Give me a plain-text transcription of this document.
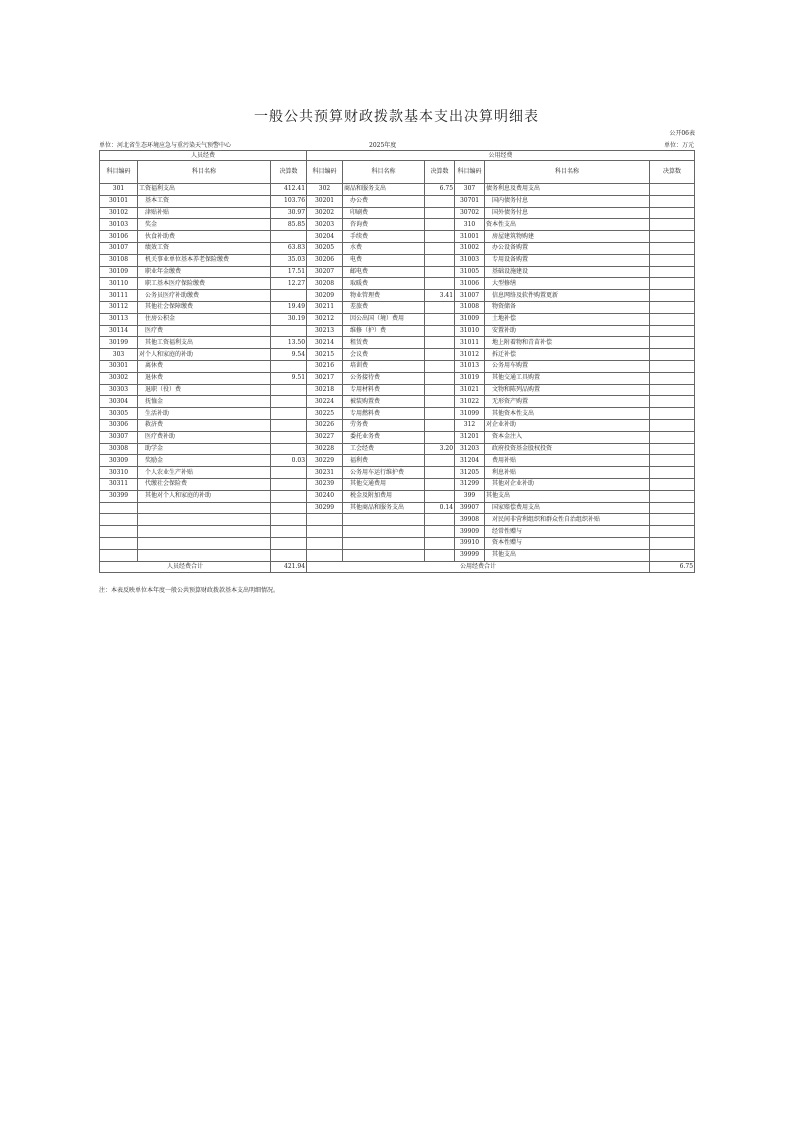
一般公共预算财政拨款基本支出决算明细表
公开06表
单位：河北省生态环境应急与重污染天气预警中心	2025年度	单位：万元
人员经费			公用经费					
科目编码	科目名称	决算数	科目编码	科目名称	决算数	科目编码	科目名称	决算数
301	工资福利支出	412.41	302	商品和服务支出	6.75	307	债务利息及费用支出	
30101	基本工资	103.76	30201	办公费		30701	国内债务付息	
30102	津贴补贴	30.97	30202	印刷费		30702	国外债务付息	
30103	奖金	85.85	30203	咨询费		310	资本性支出	
30106	伙食补助费		30204	手续费		31001	房屋建筑物购建	
30107	绩效工资	63.83	30205	水费		31002	办公设备购置	
30108	机关事业单位基本养老保险缴费	35.03	30206	电费		31003	专用设备购置	
30109	职业年金缴费	17.51	30207	邮电费		31005	基础设施建设	
30110	职工基本医疗保险缴费	12.27	30208	取暖费		31006	大型修缮	
30111	公务员医疗补助缴费		30209	物业管理费	3.41	31007	信息网络及软件购置更新	
30112	其他社会保障缴费	19.49	30211	差旅费		31008	物资储备	
30113	住房公积金	30.19	30212	因公出国（境）费用		31009	土地补偿	
30114	医疗费		30213	维修（护）费		31010	安置补助	
30199	其他工资福利支出	13.50	30214	租赁费		31011	地上附着物和青苗补偿	
303	对个人和家庭的补助	9.54	30215	会议费		31012	拆迁补偿	
30301	离休费		30216	培训费		31013	公务用车购置	
30302	退休费	9.51	30217	公务接待费		31019	其他交通工具购置	
30303	退职（役）费		30218	专用材料费		31021	文物和陈列品购置	
30304	抚恤金		30224	被装购置费		31022	无形资产购置	
30305	生活补助		30225	专用燃料费		31099	其他资本性支出	
30306	救济费		30226	劳务费		312	对企业补助	
30307	医疗费补助		30227	委托业务费		31201	资本金注入	
30308	助学金		30228	工会经费	3.20	31203	政府投资基金股权投资	
30309	奖励金	0.03	30229	福利费		31204	费用补贴	
30310	个人农业生产补贴		30231	公务用车运行维护费		31205	利息补贴	
30311	代缴社会保险费		30239	其他交通费用		31299	其他对企业补助	
30399	其他对个人和家庭的补助		30240	税金及附加费用		399	其他支出	
			30299	其他商品和服务支出	0.14	39907	国家赔偿费用支出	
						39908	对民间非营利组织和群众性自治组织补贴	
						39909	经常性赠与	
						39910	资本性赠与	
						39999	其他支出	
人员经费合计		421.94	公用经费合计					6.75
注：本表反映单位本年度一般公共预算财政拨款基本支出明细情况。
